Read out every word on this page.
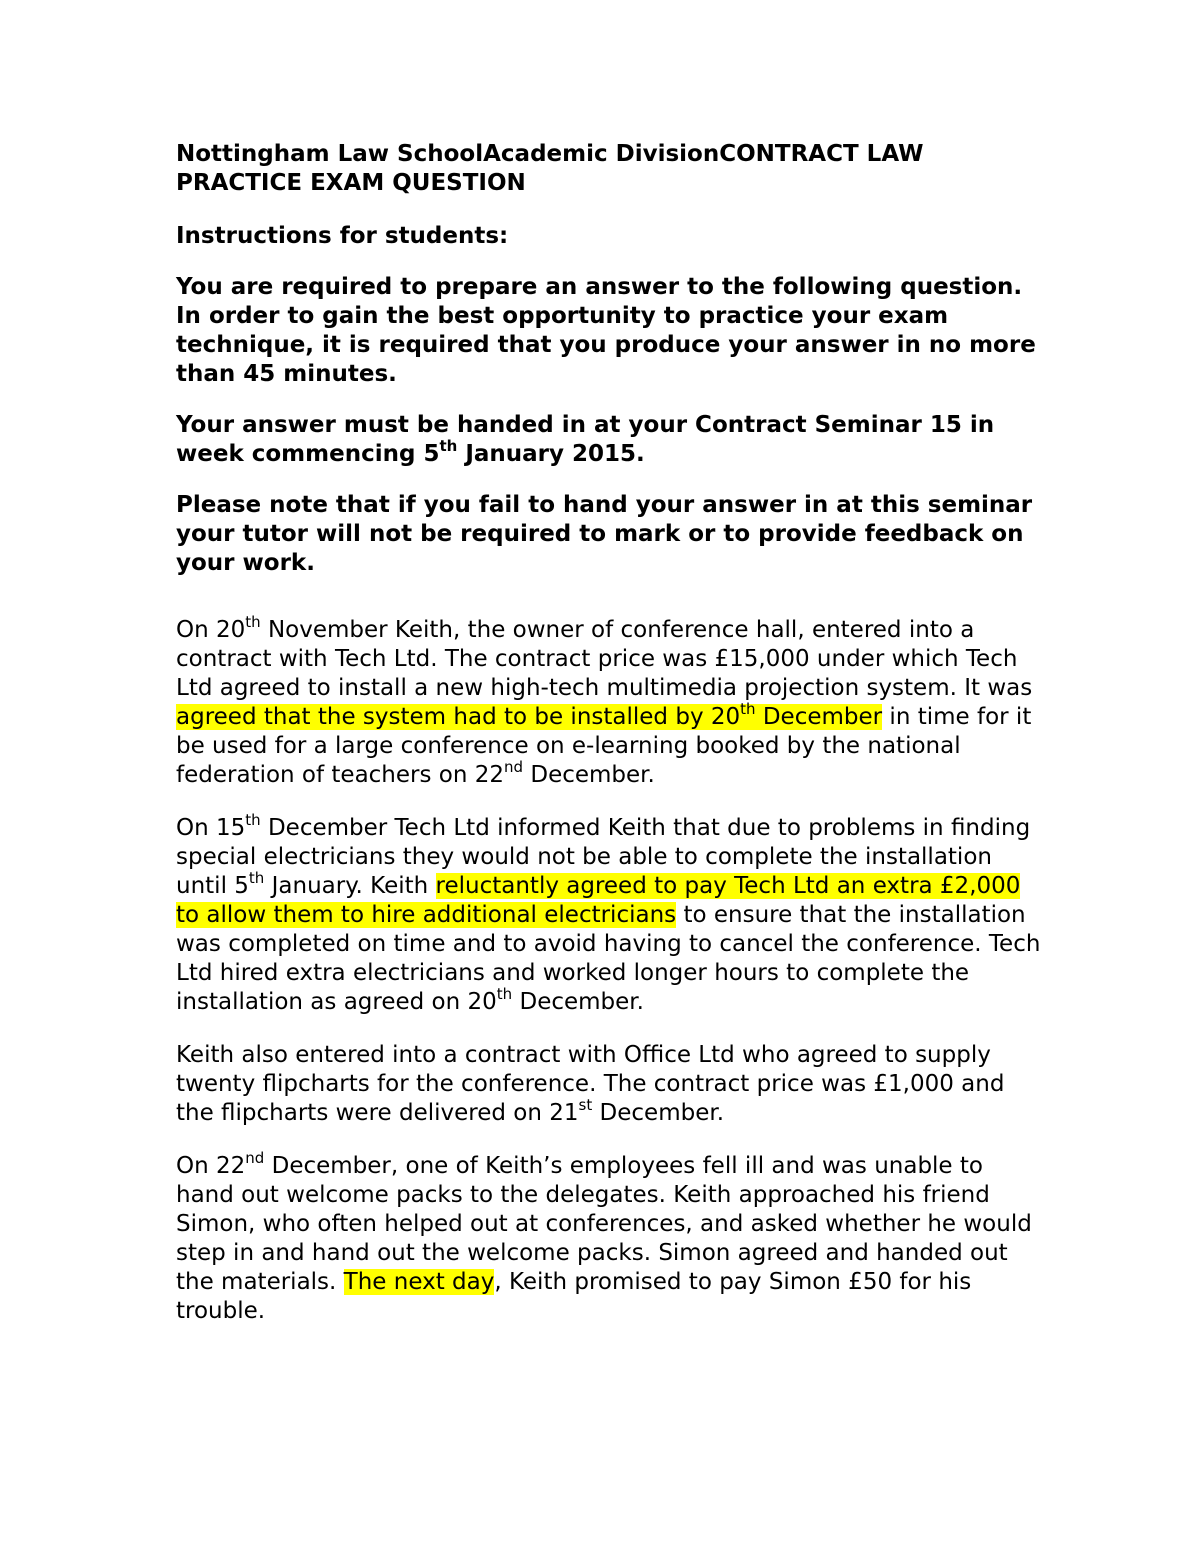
Nottingham Law SchoolAcademic DivisionCONTRACT LAW PRACTICE EXAM QUESTION

Instructions for students:

You are required to prepare an answer to the following question. In order to gain the best opportunity to practice your exam technique, it is required that you produce your answer in no more than 45 minutes.

Your answer must be handed in at your Contract Seminar 15 in week commencing 5th January 2015.

Please note that if you fail to hand your answer in at this seminar your tutor will not be required to mark or to provide feedback on your work.

On 20th November Keith, the owner of conference hall, entered into a contract with Tech Ltd. The contract price was £15,000 under which Tech Ltd agreed to install a new high-tech multimedia projection system. It was agreed that the system had to be installed by 20th December in time for it be used for a large conference on e-learning booked by the national federation of teachers on 22nd December.

On 15th December Tech Ltd informed Keith that due to problems in finding special electricians they would not be able to complete the installation until 5th January. Keith reluctantly agreed to pay Tech Ltd an extra £2,000 to allow them to hire additional electricians to ensure that the installation was completed on time and to avoid having to cancel the conference. Tech Ltd hired extra electricians and worked longer hours to complete the installation as agreed on 20th December.

Keith also entered into a contract with Office Ltd who agreed to supply twenty flipcharts for the conference. The contract price was £1,000 and the flipcharts were delivered on 21st December.

On 22nd December, one of Keith’s employees fell ill and was unable to hand out welcome packs to the delegates. Keith approached his friend Simon, who often helped out at conferences, and asked whether he would step in and hand out the welcome packs. Simon agreed and handed out the materials. The next day, Keith promised to pay Simon £50 for his trouble.
